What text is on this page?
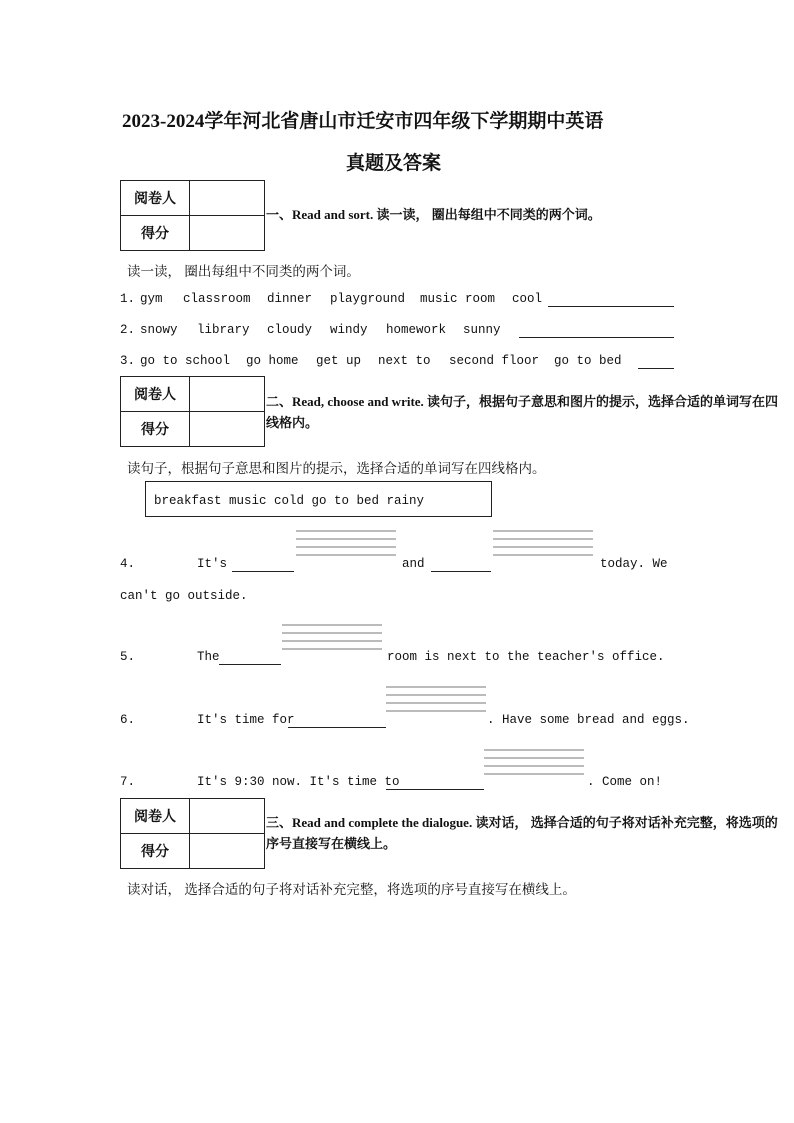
2023-2024学年河北省唐山市迁安市四年级下学期期中英语
真题及答案
阅卷人	
得分	
一、Read and sort. 读一读， 圈出每组中不同类的两个词。
读一读， 圈出每组中不同类的两个词。
1. gym classroom dinner playground music room cool
2. snowy library cloudy windy homework sunny
3. go to school go home get up next to second floor go to bed
阅卷人	
得分	
二、Read, choose and write. 读句子，根据句子意思和图片的提示，选择合适的单词写在四线格内。
读句子，根据句子意思和图片的提示，选择合适的单词写在四线格内。
breakfast music cold go to bed rainy
4.	It's	and	today. We
can't go outside.
5.	The	room is next to the teacher's office.
6.	It's time for	. Have some bread and eggs.
7.	It's 9:30 now. It's time to	. Come on!
阅卷人	
得分	
三、Read and complete the dialogue. 读对话， 选择合适的句子将对话补充完整，将选项的序号直接写在横线上。
读对话， 选择合适的句子将对话补充完整，将选项的序号直接写在横线上。
